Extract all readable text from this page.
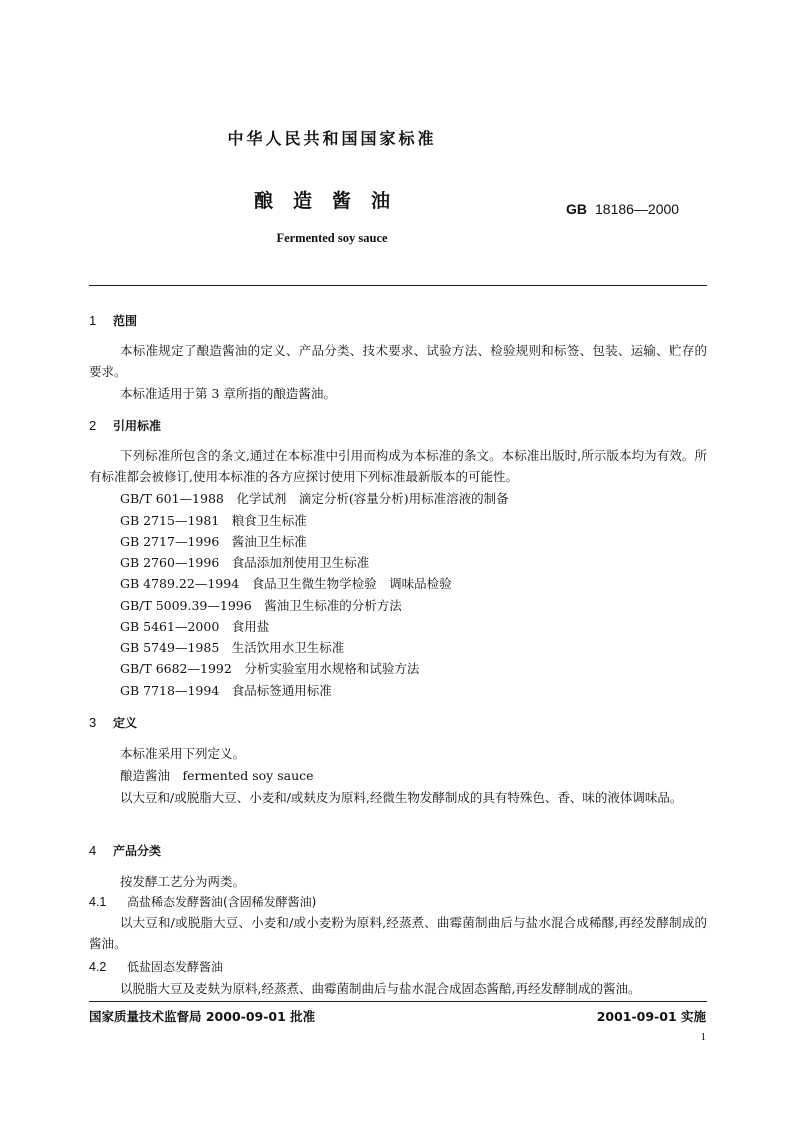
中华人民共和国国家标准
酿造酱油	GB 18186—2000
Fermented soy sauce
1 范围
本标准规定了酿造酱油的定义、产品分类、技术要求、试验方法、检验规则和标签、包装、运输、贮存的要求。
本标准适用于第 3 章所指的酿造酱油。
2 引用标准
下列标准所包含的条文,通过在本标准中引用而构成为本标准的条文。本标准出版时,所示版本均为有效。所有标准都会被修订,使用本标准的各方应探讨使用下列标准最新版本的可能性。
GB/T 601—1988　 化学试剂　滴定分析(容量分析)用标准溶液的制备
GB 2715—1981　 粮食卫生标准
GB 2717—1996　 酱油卫生标准
GB 2760—1996　 食品添加剂使用卫生标准
GB 4789.22—1994　 食品卫生微生物学检验　调味品检验
GB/T 5009.39—1996　 酱油卫生标准的分析方法
GB 5461—2000　 食用盐
GB 5749—1985　 生活饮用水卫生标准
GB/T 6682—1992　 分析实验室用水规格和试验方法
GB 7718—1994　 食品标签通用标准
3 定义
本标准采用下列定义。
酿造酱油　 fermented soy sauce
以大豆和/或脱脂大豆、小麦和/或麸皮为原料,经微生物发酵制成的具有特殊色、香、味的液体调味品。
4 产品分类
按发酵工艺分为两类。
4.1 高盐稀态发酵酱油(含固稀发酵酱油)
以大豆和/或脱脂大豆、小麦和/或小麦粉为原料,经蒸煮、曲霉菌制曲后与盐水混合成稀醪,再经发酵制成的酱油。
4.2 低盐固态发酵酱油
以脱脂大豆及麦麸为原料,经蒸煮、曲霉菌制曲后与盐水混合成固态酱醅,再经发酵制成的酱油。
国家质量技术监督局 2000-09-01 批准	2001-09-01 实施
1
